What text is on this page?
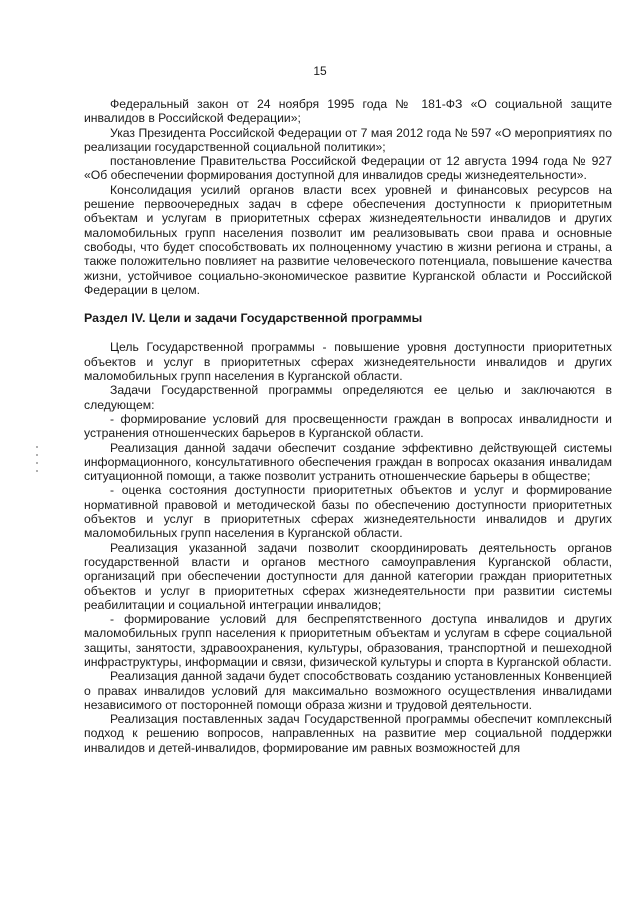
15

Федеральный закон от 24 ноября 1995 года № 181-ФЗ «О социальной защите инвалидов в Российской Федерации»;

Указ Президента Российской Федерации от 7 мая 2012 года № 597 «О мероприятиях по реализации государственной социальной политики»;

постановление Правительства Российской Федерации от 12 августа 1994 года № 927 «Об обеспечении формирования доступной для инвалидов среды жизнедеятельности».

Консолидация усилий органов власти всех уровней и финансовых ресурсов на решение первоочередных задач в сфере обеспечения доступности к приоритетным объектам и услугам в приоритетных сферах жизнедеятельности инвалидов и других маломобильных групп населения позволит им реализовывать свои права и основные свободы, что будет способствовать их полноценному участию в жизни региона и страны, а также положительно повлияет на развитие человеческого потенциала, повышение качества жизни, устойчивое социально-экономическое развитие Курганской области и Российской Федерации в целом.

Раздел IV. Цели и задачи Государственной программы

Цель Государственной программы - повышение уровня доступности приоритетных объектов и услуг в приоритетных сферах жизнедеятельности инвалидов и других маломобильных групп населения в Курганской области.

Задачи Государственной программы определяются ее целью и заключаются в следующем:

- формирование условий для просвещенности граждан в вопросах инвалидности и устранения отношенческих барьеров в Курганской области.

Реализация данной задачи обеспечит создание эффективно действующей системы информационного, консультативного обеспечения граждан в вопросах оказания инвалидам ситуационной помощи, а также позволит устранить отношенческие барьеры в обществе;

- оценка состояния доступности приоритетных объектов и услуг и формирование нормативной правовой и методической базы по обеспечению доступности приоритетных объектов и услуг в приоритетных сферах жизнедеятельности инвалидов и других маломобильных групп населения в Курганской области.

Реализация указанной задачи позволит скоординировать деятельность органов государственной власти и органов местного самоуправления Курганской области, организаций при обеспечении доступности для данной категории граждан приоритетных объектов и услуг в приоритетных сферах жизнедеятельности при развитии системы реабилитации и социальной интеграции инвалидов;

- формирование условий для беспрепятственного доступа инвалидов и других маломобильных групп населения к приоритетным объектам и услугам в сфере социальной защиты, занятости, здравоохранения, культуры, образования, транспортной и пешеходной инфраструктуры, информации и связи, физической культуры и спорта в Курганской области.

Реализация данной задачи будет способствовать созданию установленных Конвенцией о правах инвалидов условий для максимально возможного осуществления инвалидами независимого от посторонней помощи образа жизни и трудовой деятельности.

Реализация поставленных задач Государственной программы обеспечит комплексный подход к решению вопросов, направленных на развитие мер социальной поддержки инвалидов и детей-инвалидов, формирование им равных возможностей для
